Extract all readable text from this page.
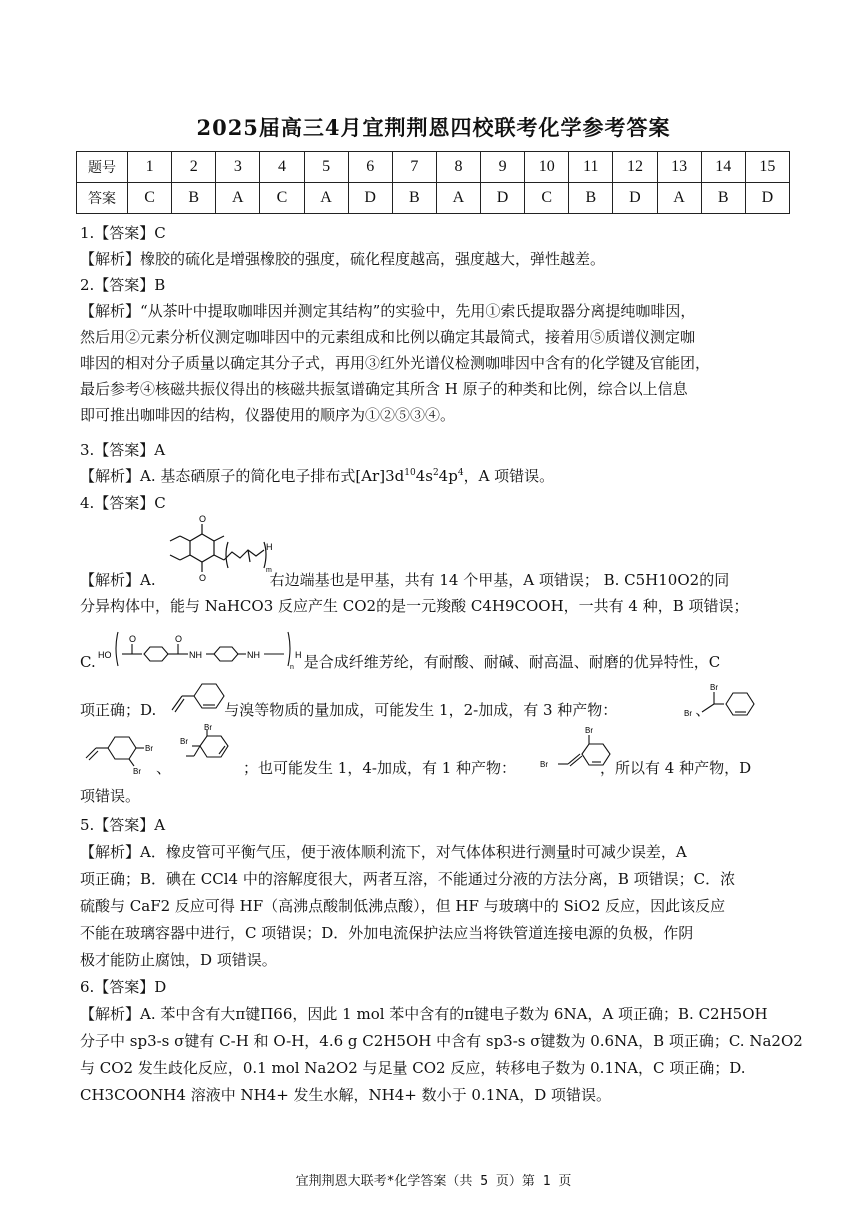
2025届高三4月宜荆荆恩四校联考化学参考答案
题号	1	2	3	4	5	6	7	8	9	10	11	12	13	14	15
答案	C	B	A	C	A	D	B	A	D	C	B	D	A	B	D
1.【答案】C
【解析】橡胶的硫化是增强橡胶的强度，硫化程度越高，强度越大，弹性越差。
2.【答案】B
【解析】“从茶叶中提取咖啡因并测定其结构”的实验中，先用①索氏提取器分离提纯咖啡因，
然后用②元素分析仪测定咖啡因中的元素组成和比例以确定其最简式，接着用⑤质谱仪测定咖
啡因的相对分子质量以确定其分子式，再用③红外光谱仪检测咖啡因中含有的化学键及官能团，
最后参考④核磁共振仪得出的核磁共振氢谱确定其所含 H 原子的种类和比例，综合以上信息
即可推出咖啡因的结构，仪器使用的顺序为①②⑤③④。
3.【答案】A
【解析】A. 基态硒原子的简化电子排布式$[Ar]3d^{10}4s^24p^4$，A 项错误。
4.【答案】C
O
O
H
m
【解析】A.	右边端基也是甲基，共有 14 个甲基，A 项错误； B. C5H10O2的同
分异构体中，能与 NaHCO3 反应产生 CO2的是一元羧酸 C4H9COOH，一共有 4 种，B 项错误；
HO
O	O
NH	NH
n
H
C.	是合成纤维芳纶，有耐酸、耐碱、耐高温、耐磨的优异特性，C
Br
Br
项正确；D.	与溴等物质的量加成，可能发生 1，2-加成，有 3 种产物：	、
Br
Br
Br
Br
Br
Br
、	；也可能发生 1，4-加成，有 1 种产物：	，所以有 4 种产物，D
项错误。
5.【答案】A
【解析】A．橡皮管可平衡气压，便于液体顺利流下，对气体体积进行测量时可减少误差，A
项正确；B．碘在 CCl4 中的溶解度很大，两者互溶，不能通过分液的方法分离，B 项错误；C．浓
硫酸与 CaF2 反应可得 HF（高沸点酸制低沸点酸），但 HF 与玻璃中的 SiO2 反应，因此该反应
不能在玻璃容器中进行，C 项错误；D．外加电流保护法应当将铁管道连接电源的负极，作阴
极才能防止腐蚀，D 项错误。
6.【答案】D
【解析】A. 苯中含有大π键Π66，因此 1 mol 苯中含有的π键电子数为 6NA，A 项正确；B. C2H5OH
分子中 sp3-s σ键有 C-H 和 O-H，4.6 g C2H5OH 中含有 sp3-s σ键数为 0.6NA，B 项正确；C. Na2O2
与 CO2 发生歧化反应，0.1 mol Na2O2 与足量 CO2 反应，转移电子数为 0.1NA，C 项正确；D.
CH3COONH4 溶液中 NH4+ 发生水解，NH4+ 数小于 0.1NA，D 项错误。
宜荆荆恩大联考*化学答案（共 5 页）第 1 页
